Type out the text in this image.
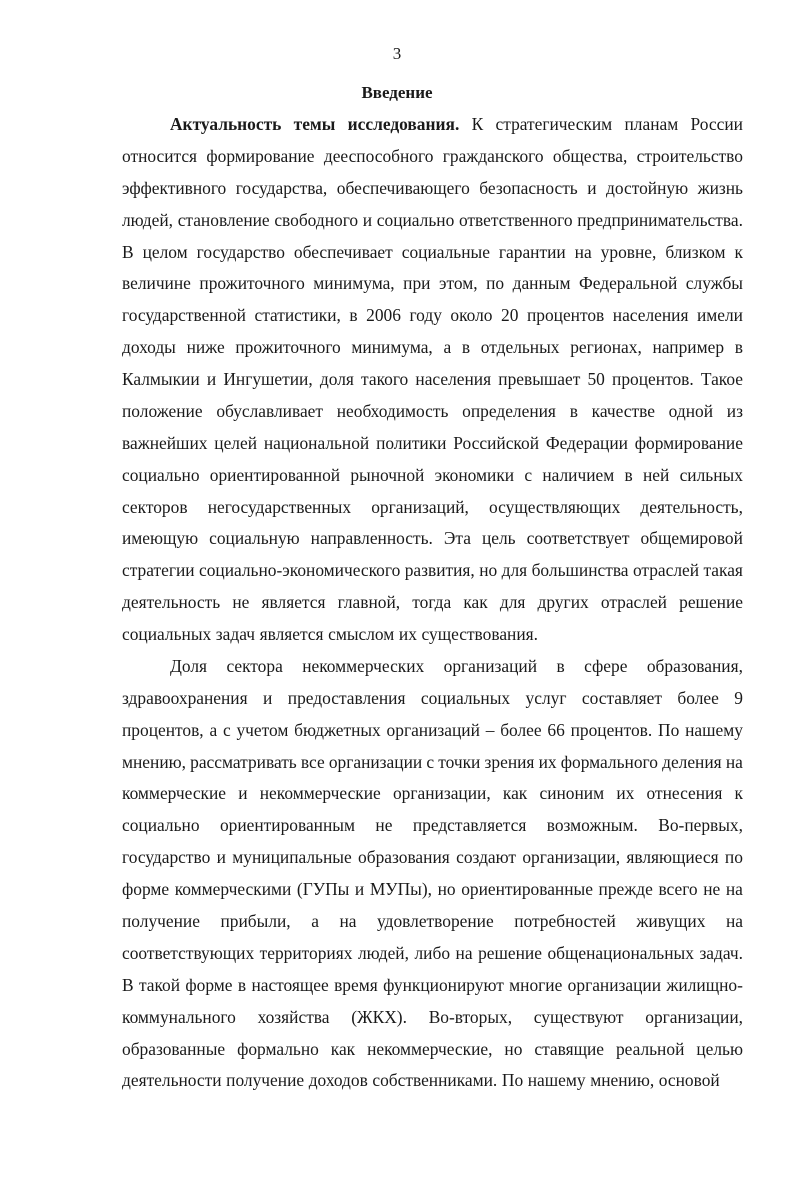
3
Введение
Актуальность темы исследования. К стратегическим планам России
относится формирование дееспособного гражданского общества, строительство
эффективного государства, обеспечивающего безопасность и достойную жизнь
людей, становление свободного и социально ответственного предпринимательства.
В целом государство обеспечивает социальные гарантии на уровне, близком к
величине прожиточного минимума, при этом, по данным Федеральной службы
государственной статистики, в 2006 году около 20 процентов населения имели
доходы ниже прожиточного минимума, а в отдельных регионах, например в
Калмыкии и Ингушетии, доля такого населения превышает 50 процентов. Такое
положение обуславливает необходимость определения в качестве одной из
важнейших целей национальной политики Российской Федерации формирование
социально ориентированной рыночной экономики с наличием в ней сильных
секторов негосударственных организаций, осуществляющих деятельность,
имеющую социальную направленность. Эта цель соответствует общемировой
стратегии социально-экономического развития, но для большинства отраслей такая
деятельность не является главной, тогда как для других отраслей решение
социальных задач является смыслом их существования.
Доля сектора некоммерческих организаций в сфере образования,
здравоохранения и предоставления социальных услуг составляет более 9
процентов, а с учетом бюджетных организаций – более 66 процентов. По нашему
мнению, рассматривать все организации с точки зрения их формального деления на
коммерческие и некоммерческие организации, как синоним их отнесения к
социально ориентированным не представляется возможным. Во-первых,
государство и муниципальные образования создают организации, являющиеся по
форме коммерческими (ГУПы и МУПы), но ориентированные прежде всего не на
получение прибыли, а на удовлетворение потребностей живущих на
соответствующих территориях людей, либо на решение общенациональных задач.
В такой форме в настоящее время функционируют многие организации жилищно-
коммунального хозяйства (ЖКХ). Во-вторых, существуют организации,
образованные формально как некоммерческие, но ставящие реальной целью
деятельности получение доходов собственниками. По нашему мнению, основой
